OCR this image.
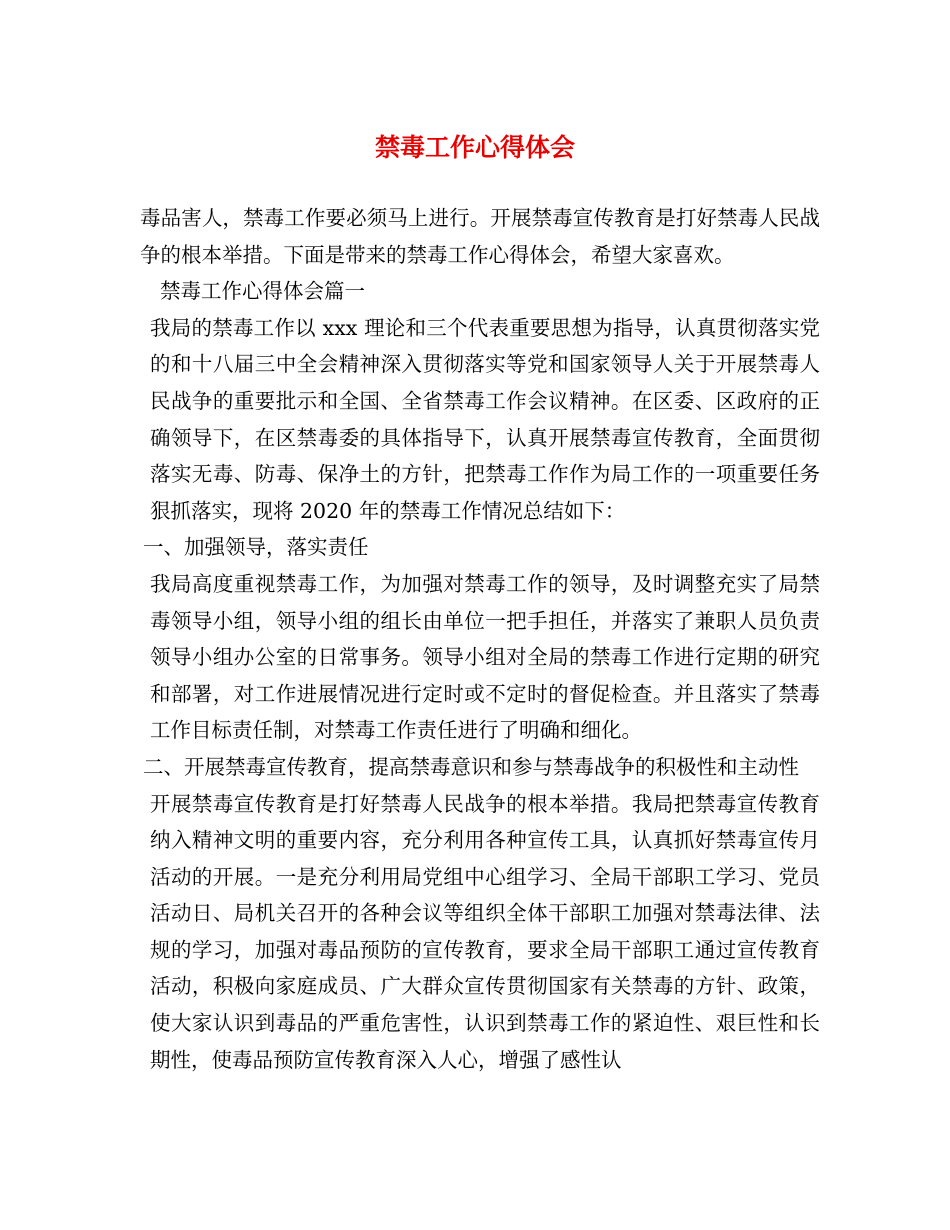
禁毒工作心得体会

毒品害人，禁毒工作要必须马上进行。开展禁毒宣传教育是打好禁毒人民战争的根本举措。下面是带来的禁毒工作心得体会，希望大家喜欢。

禁毒工作心得体会篇一

我局的禁毒工作以 xxx 理论和三个代表重要思想为指导，认真贯彻落实党的和十八届三中全会精神深入贯彻落实等党和国家领导人关于开展禁毒人民战争的重要批示和全国、全省禁毒工作会议精神。在区委、区政府的正确领导下，在区禁毒委的具体指导下，认真开展禁毒宣传教育，全面贯彻落实无毒、防毒、保净土的方针，把禁毒工作作为局工作的一项重要任务狠抓落实，现将 2020 年的禁毒工作情况总结如下：

一、加强领导，落实责任

我局高度重视禁毒工作，为加强对禁毒工作的领导，及时调整充实了局禁毒领导小组，领导小组的组长由单位一把手担任，并落实了兼职人员负责领导小组办公室的日常事务。领导小组对全局的禁毒工作进行定期的研究和部署，对工作进展情况进行定时或不定时的督促检查。并且落实了禁毒工作目标责任制，对禁毒工作责任进行了明确和细化。

二、开展禁毒宣传教育，提高禁毒意识和参与禁毒战争的积极性和主动性

开展禁毒宣传教育是打好禁毒人民战争的根本举措。我局把禁毒宣传教育纳入精神文明的重要内容，充分利用各种宣传工具，认真抓好禁毒宣传月活动的开展。一是充分利用局党组中心组学习、全局干部职工学习、党员活动日、局机关召开的各种会议等组织全体干部职工加强对禁毒法律、法规的学习，加强对毒品预防的宣传教育，要求全局干部职工通过宣传教育活动，积极向家庭成员、广大群众宣传贯彻国家有关禁毒的方针、政策，使大家认识到毒品的严重危害性，认识到禁毒工作的紧迫性、艰巨性和长期性，使毒品预防宣传教育深入人心，增强了感性认
